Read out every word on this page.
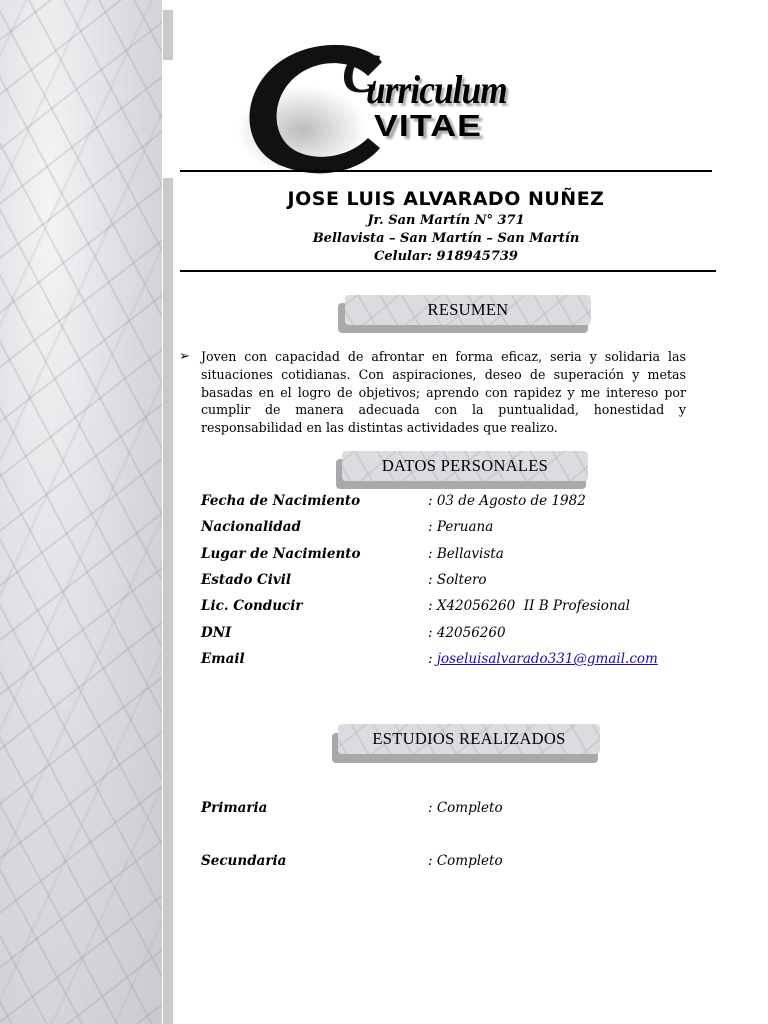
C
urriculum
VITAE
JOSE LUIS ALVARADO NUÑEZ
Jr. San Martín N° 371
Bellavista – San Martín – San Martín
Celular: 918945739
RESUMEN
➢ Joven con capacidad de afrontar en forma eficaz, seria y solidaria las situaciones cotidianas. Con aspiraciones, deseo de superación y metas basadas en el logro de objetivos; aprendo con rapidez y me intereso por cumplir de manera adecuada con la puntualidad, honestidad y responsabilidad en las distintas actividades que realizo.
DATOS PERSONALES
Fecha de Nacimiento	: 03 de Agosto de 1982
Nacionalidad	: Peruana
Lugar de Nacimiento	: Bellavista
Estado Civil	: Soltero
Lic. Conducir	: X42056260  II B Profesional
DNI	: 42056260
Email	: joseluisalvarado331@gmail.com
ESTUDIOS REALIZADOS
Primaria	: Completo
Secundaria	: Completo
